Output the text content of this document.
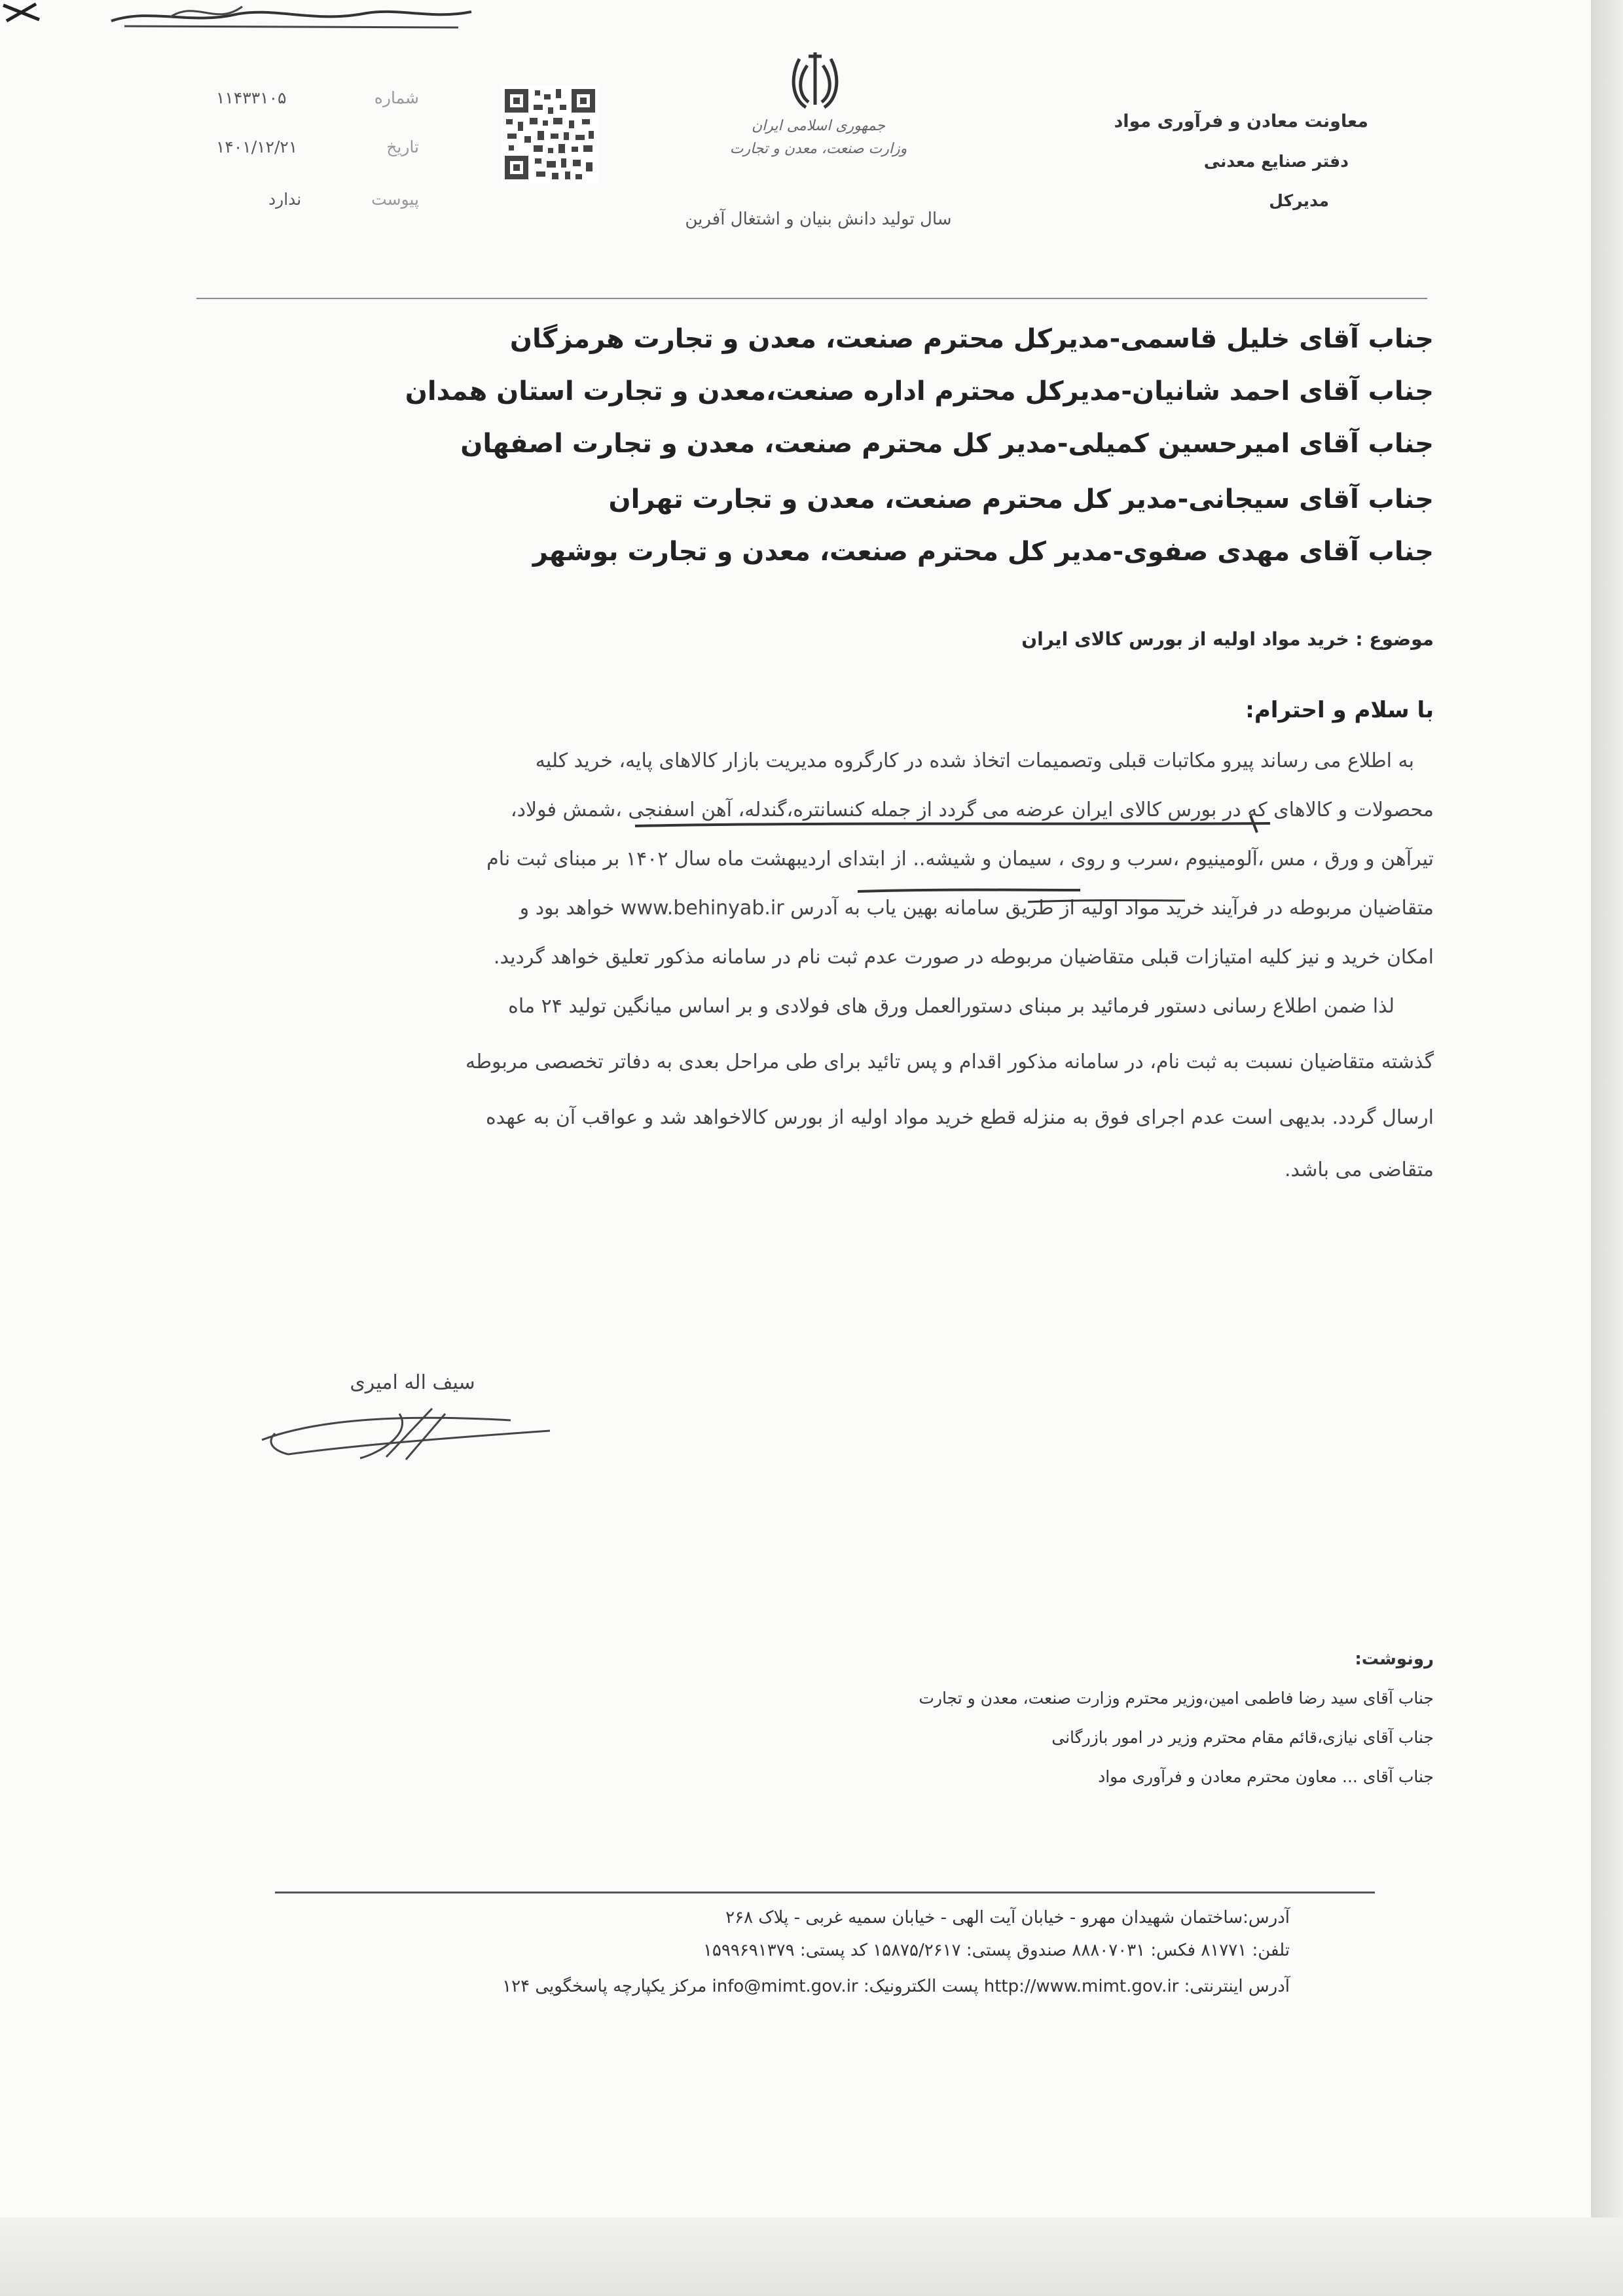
معاونت معادن و فرآوری مواد
دفتر صنایع معدنی
مدیرکل
جمهوری اسلامی ایران
وزارت صنعت، معدن و تجارت
سال تولید دانش بنیان و اشتغال آفرین
شماره
۱۱۴۳۳۱۰۵
تاریخ
۱۴۰۱/۱۲/۲۱
پیوست
ندارد
جناب آقای خلیل قاسمی-مدیرکل محترم صنعت، معدن و تجارت هرمزگان
جناب آقای احمد شانیان-مدیرکل محترم اداره صنعت،معدن و تجارت استان همدان
جناب آقای امیرحسین کمیلی-مدیر کل محترم صنعت، معدن و تجارت اصفهان
جناب آقای سیجانی-مدیر کل محترم صنعت، معدن و تجارت تهران
جناب آقای مهدی صفوی-مدیر کل محترم صنعت، معدن و تجارت بوشهر
موضوع : خرید مواد اولیه از بورس کالای ایران
با سلام و احترام:
به اطلاع می رساند پیرو مکاتبات قبلی وتصمیمات اتخاذ شده در کارگروه مدیریت بازار کالاهای پایه، خرید کلیه
محصولات و کالاهای که در بورس کالای ایران عرضه می گردد از جمله کنسانتره،گندله، آهن اسفنجی ،شمش فولاد،
تیرآهن و ورق ، مس ،آلومینیوم ،سرب و روی ، سیمان و شیشه.. از ابتدای اردیبهشت ماه سال ۱۴۰۲ بر مبنای ثبت نام
متقاضیان مربوطه در فرآیند خرید مواد اولیه از طریق سامانه بهین یاب به آدرس www.behinyab.ir خواهد بود و
امکان خرید و نیز کلیه امتیازات قبلی متقاضیان مربوطه در صورت عدم ثبت نام در سامانه مذکور تعلیق خواهد گردید.
لذا ضمن اطلاع رسانی دستور فرمائید بر مبنای دستورالعمل ورق های فولادی و بر اساس میانگین تولید ۲۴ ماه
گذشته متقاضیان نسبت به ثبت نام، در سامانه مذکور اقدام و پس تائید برای طی مراحل بعدی به دفاتر تخصصی مربوطه
ارسال گردد. بدیهی است عدم اجرای فوق به منزله قطع خرید مواد اولیه از بورس کالاخواهد شد و عواقب آن به عهده
متقاضی می باشد.
سیف اله امیری
رونوشت:
جناب آقای سید رضا فاطمی امین،وزیر محترم وزارت صنعت، معدن و تجارت
جناب آقای نیازی،قائم مقام محترم وزیر در امور بازرگانی
جناب آقای ... معاون محترم معادن و فرآوری مواد
آدرس:ساختمان شهیدان مهرو - خیابان آیت الهی - خیابان سمیه غربی - پلاک ۲۶۸
تلفن: ۸۱۷۷۱ فکس: ۸۸۸۰۷۰۳۱ صندوق پستی: ۱۵۸۷۵/۲۶۱۷ کد پستی: ۱۵۹۹۶۹۱۳۷۹
آدرس اینترنتی: http://www.mimt.gov.ir پست الکترونیک: info@mimt.gov.ir مرکز یکپارچه پاسخگویی ۱۲۴
